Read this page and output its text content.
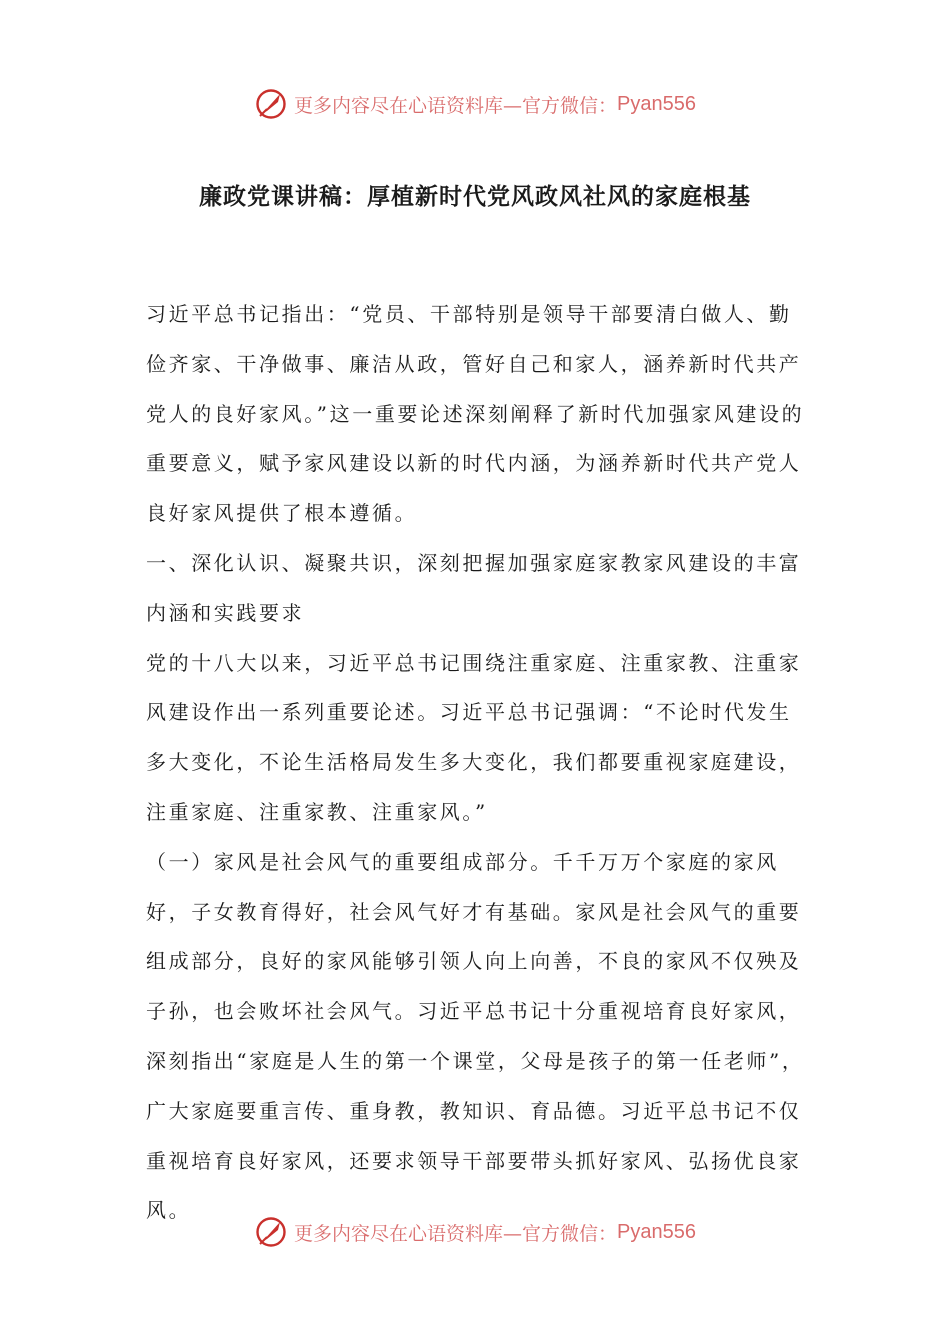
更多内容尽在心语资料库—官方微信： Pyan556
廉政党课讲稿：厚植新时代党风政风社风的家庭根基

习近平总书记指出：“党员、干部特别是领导干部要清白做人、勤俭齐家、干净做事、廉洁从政，管好自己和家人，涵养新时代共产党人的良好家风。”这一重要论述深刻阐释了新时代加强家风建设的重要意义，赋予家风建设以新的时代内涵，为涵养新时代共产党人良好家风提供了根本遵循。

一、深化认识、凝聚共识，深刻把握加强家庭家教家风建设的丰富内涵和实践要求

党的十八大以来，习近平总书记围绕注重家庭、注重家教、注重家风建设作出一系列重要论述。习近平总书记强调：“不论时代发生多大变化，不论生活格局发生多大变化，我们都要重视家庭建设，注重家庭、注重家教、注重家风。”

（一）家风是社会风气的重要组成部分。千千万万个家庭的家风好，子女教育得好，社会风气好才有基础。家风是社会风气的重要组成部分，良好的家风能够引领人向上向善，不良的家风不仅殃及子孙，也会败坏社会风气。习近平总书记十分重视培育良好家风，深刻指出“家庭是人生的第一个课堂，父母是孩子的第一任老师”，广大家庭要重言传、重身教，教知识、育品德。习近平总书记不仅重视培育良好家风，还要求领导干部要带头抓好家风、弘扬优良家风。

更多内容尽在心语资料库—官方微信： Pyan556
